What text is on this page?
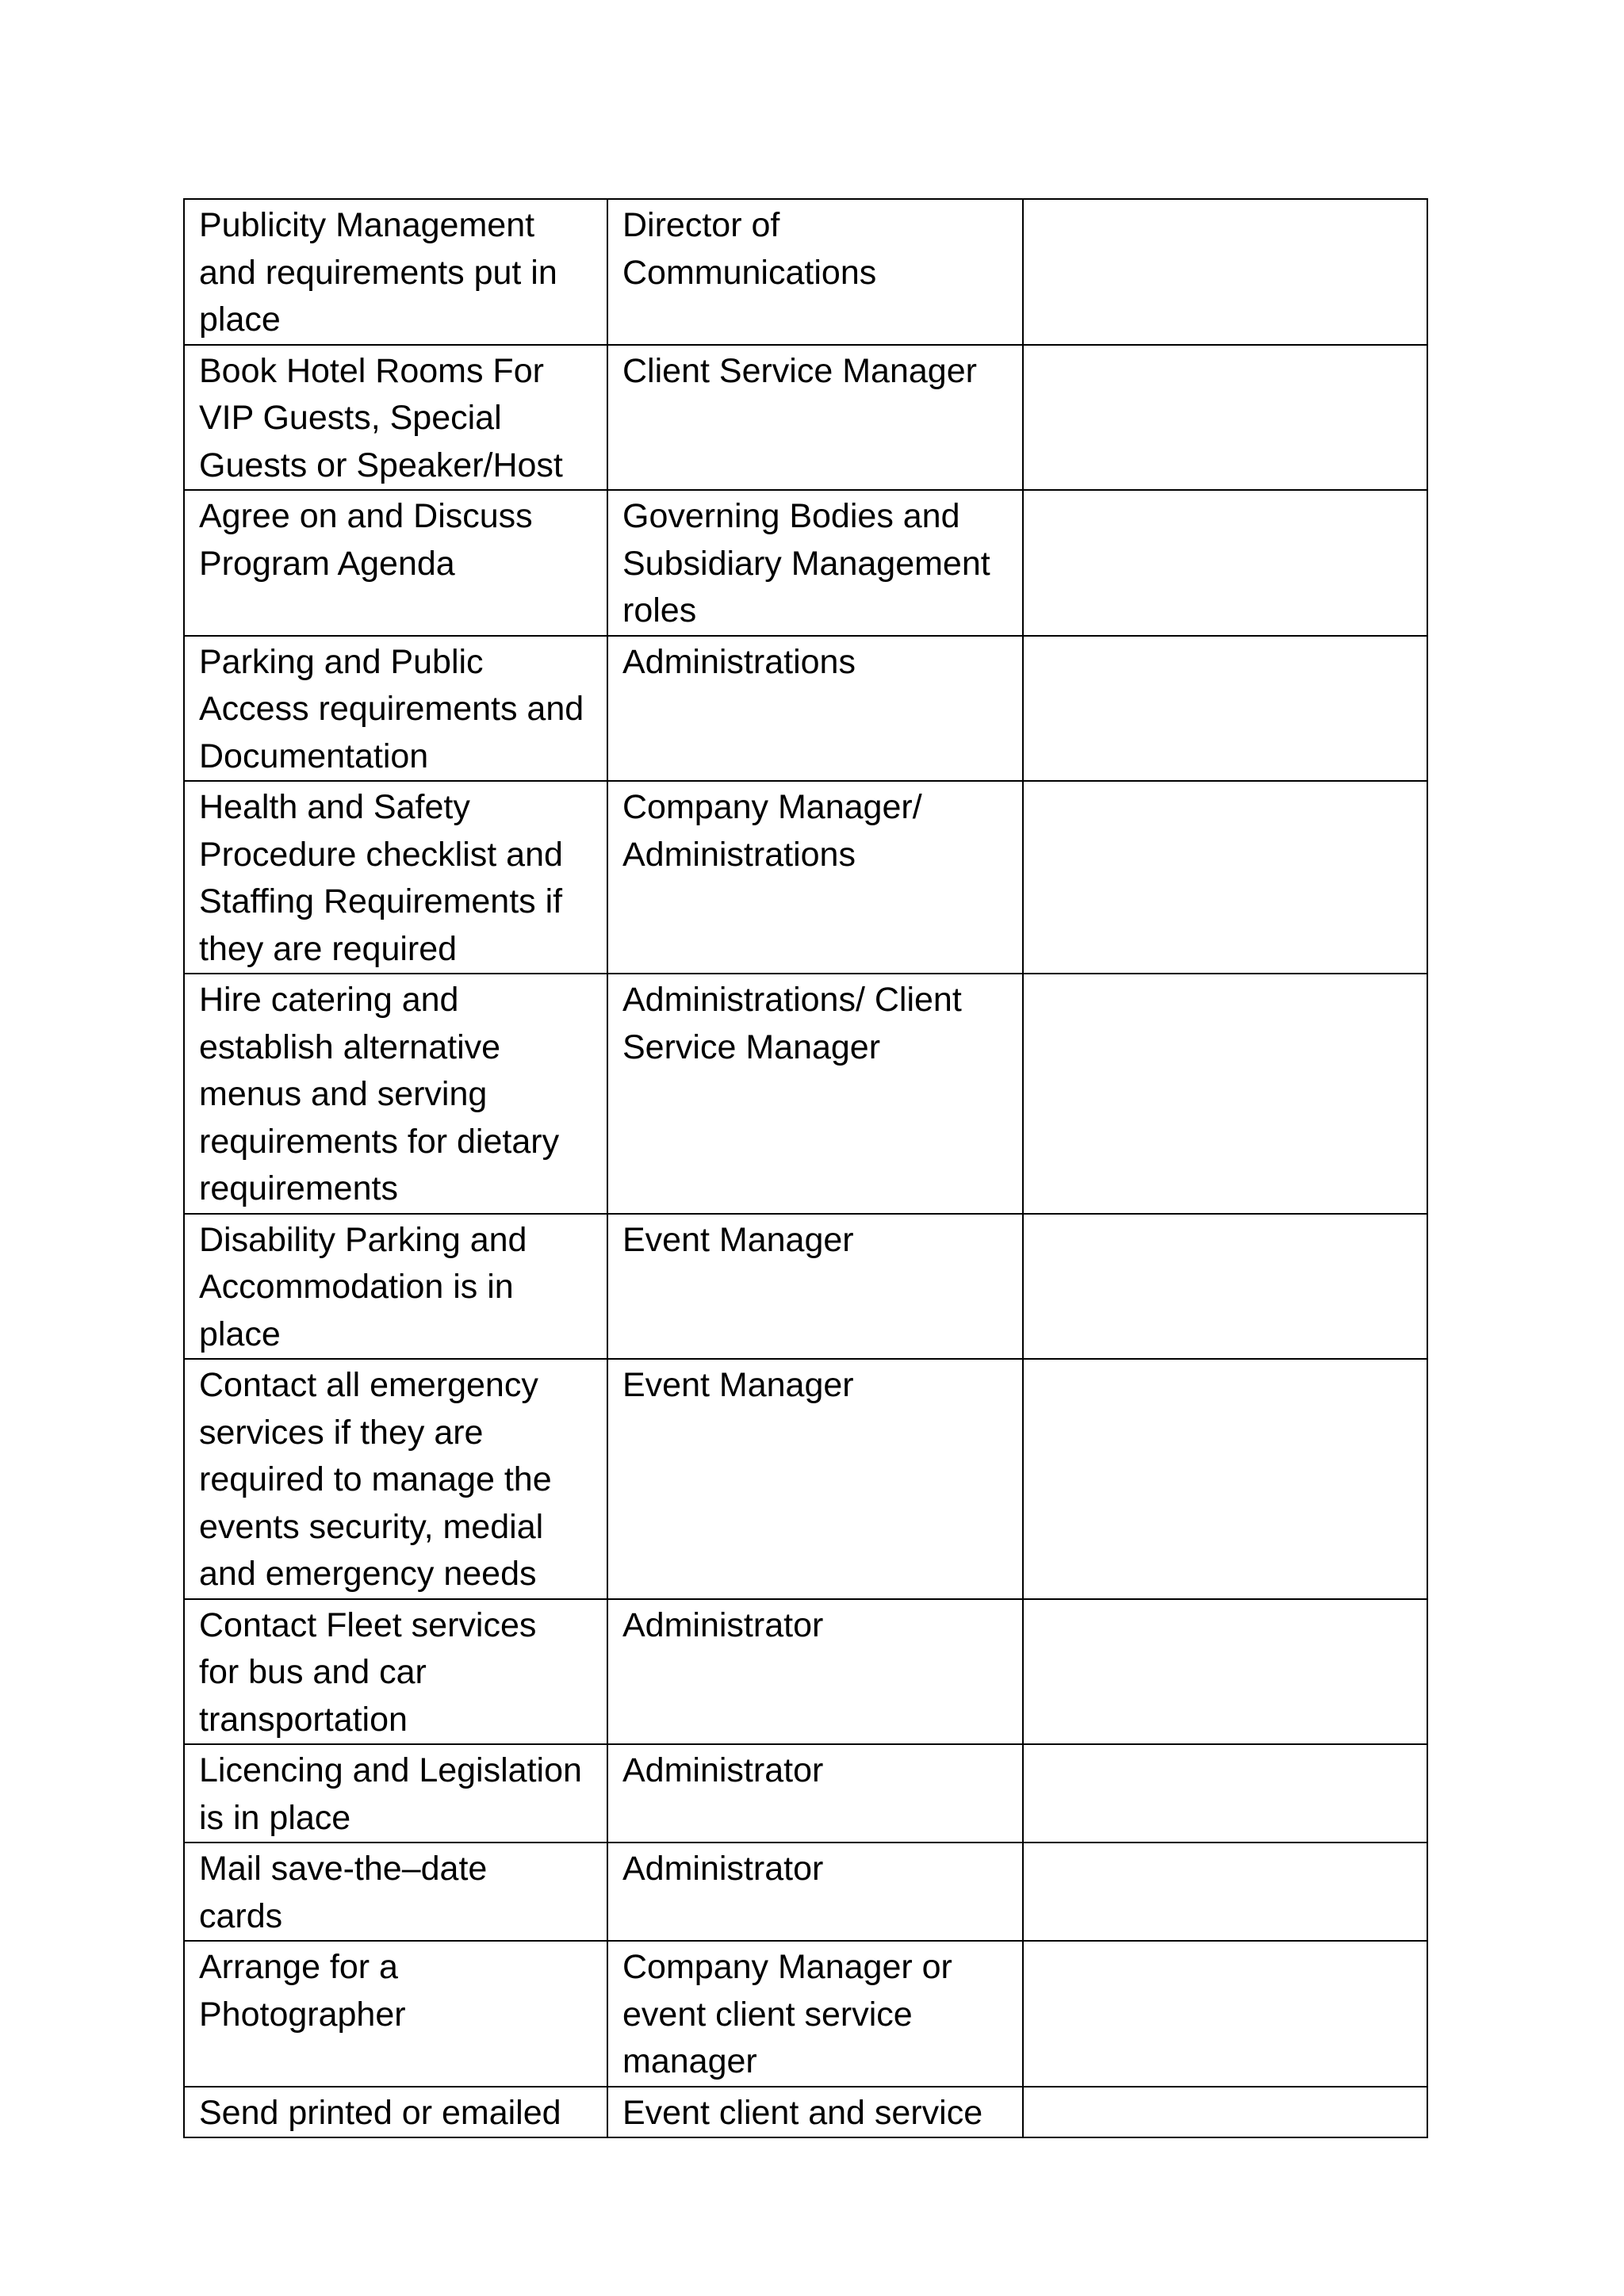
Publicity Management
and requirements put in
place	Director of
Communications	

Book Hotel Rooms For
VIP Guests, Special
Guests or Speaker/Host	Client Service Manager	

Agree on and Discuss
Program Agenda	Governing Bodies and
Subsidiary Management
roles	

Parking and Public
Access requirements and
Documentation	Administrations	

Health and Safety
Procedure checklist and
Staffing Requirements if
they are required	Company Manager/
Administrations	

Hire catering and
establish alternative
menus and serving
requirements for dietary
requirements	Administrations/ Client
Service Manager	

Disability Parking and
Accommodation is in
place	Event Manager	

Contact all emergency
services if they are
required to manage the
events security, medial
and emergency needs	Event Manager	

Contact Fleet services
for bus and car
transportation	Administrator	

Licencing and Legislation
is in place	Administrator	

Mail save-the–date
cards	Administrator	

Arrange for a
Photographer	Company Manager or
event client service
manager	

Send printed or emailed	Event client and service	
